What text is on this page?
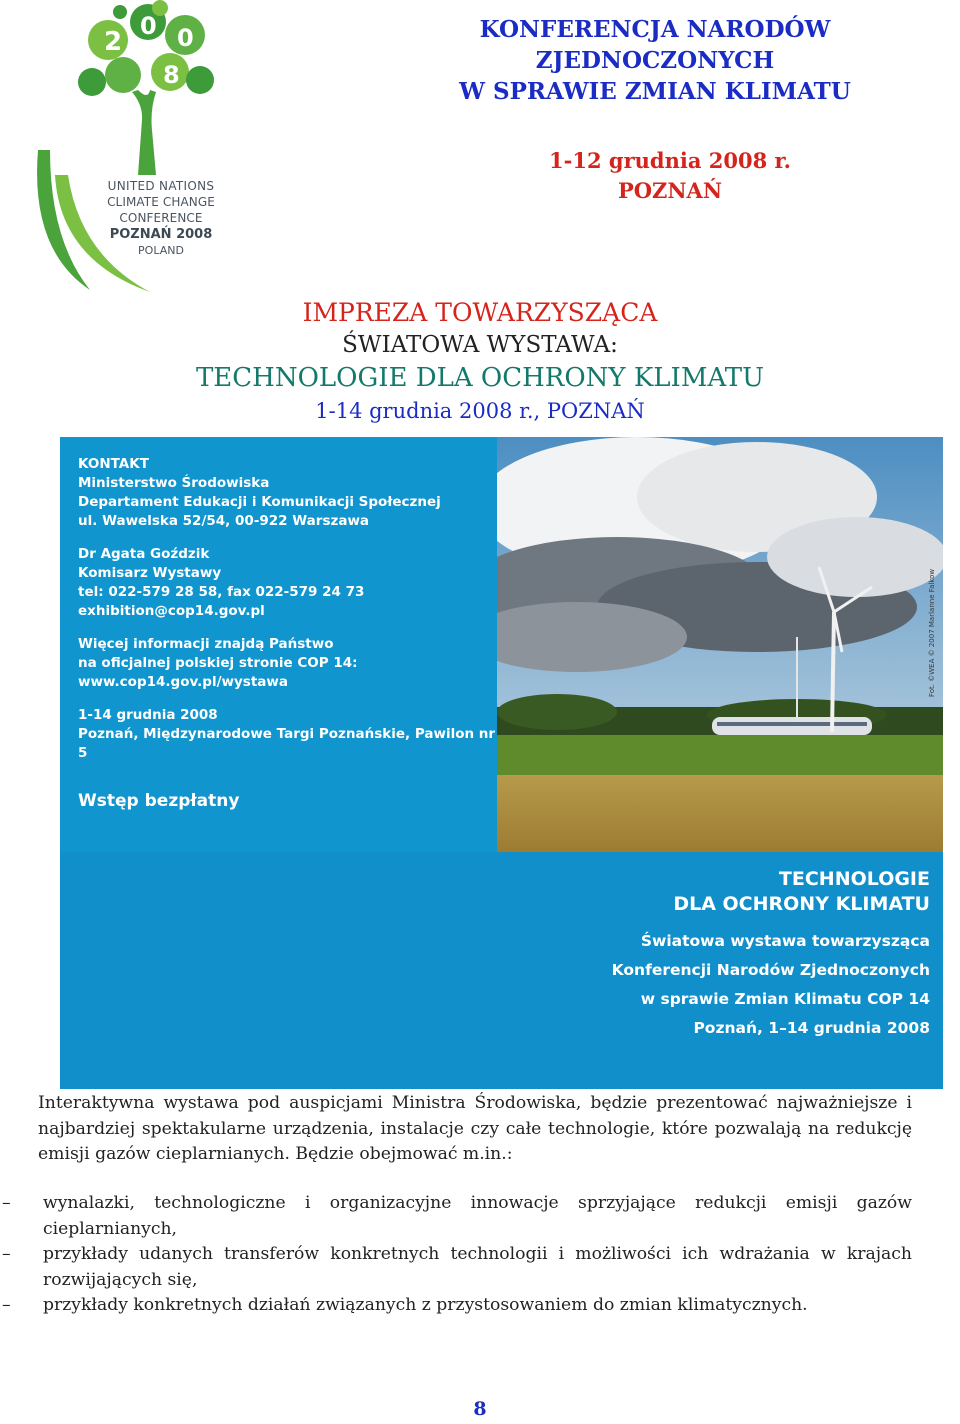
2
0 0
8
UNITED NATIONS
CLIMATE CHANGE CONFERENCE
POZNAŃ 2008
POLAND
KONFERENCJA NARODÓW
ZJEDNOCZONYCH
W SPRAWIE ZMIAN KLIMATU
1-12 grudnia 2008 r.
POZNAŃ
IMPREZA TOWARZYSZĄCA
ŚWIATOWA WYSTAWA:
TECHNOLOGIE DLA OCHRONY KLIMATU
1-14 grudnia 2008 r., POZNAŃ
Fot. ©WEA © 2007 Marlanne Falkow
KONTAKT
Ministerstwo Środowiska
Departament Edukacji i Komunikacji Społecznej
ul. Wawelska 52/54, 00-922 Warszawa
Dr Agata Goździk
Komisarz Wystawy
tel: 022-579 28 58, fax 022-579 24 73
exhibition@cop14.gov.pl
Więcej informacji znajdą Państwo
na oficjalnej polskiej stronie COP 14:
www.cop14.gov.pl/wystawa
1-14 grudnia 2008
Poznań, Międzynarodowe Targi Poznańskie, Pawilon nr 5
Wstęp bezpłatny
TECHNOLOGIE
DLA OCHRONY KLIMATU
Światowa wystawa towarzysząca
Konferencji Narodów Zjednoczonych
w sprawie Zmian Klimatu COP 14
Poznań, 1–14 grudnia 2008
Interaktywna wystawa pod auspicjami Ministra Środowiska, będzie prezentować najważniejsze i najbardziej spektakularne urządzenia, instalacje czy całe technologie, które pozwalają na redukcję emisji gazów cieplarnianych. Będzie obejmować m.in.:
– wynalazki, technologiczne i organizacyjne innowacje sprzyjające redukcji emisji gazów cieplarnianych,
– przykłady udanych transferów konkretnych technologii i możliwości ich wdrażania w krajach rozwijających się,
– przykłady konkretnych działań związanych z przystosowaniem do zmian klimatycznych.
8
